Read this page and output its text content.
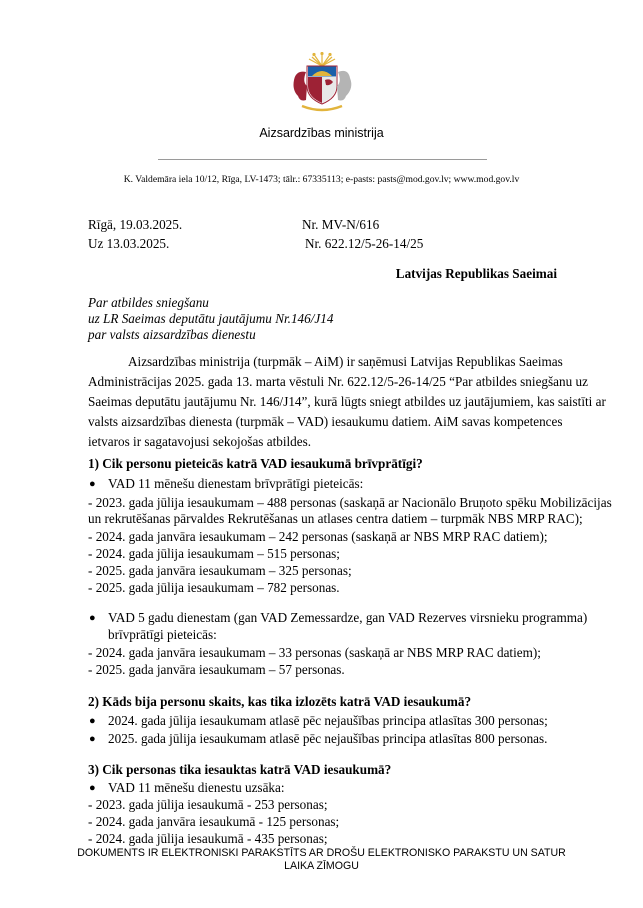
Aizsardzības ministrija
K. Valdemāra iela 10/12, Rīga, LV-1473; tālr.: 67335113; e-pasts: pasts@mod.gov.lv; www.mod.gov.lv
Rīgā, 19.03.2025.	Nr. MV-N/616
Uz 13.03.2025.	Nr. 622.12/5-26-14/25
Latvijas Republikas Saeimai
Par atbildes sniegšanu
uz LR Saeimas deputātu jautājumu Nr.146/J14
par valsts aizsardzības dienestu
Aizsardzības ministrija (turpmāk – AiM) ir saņēmusi Latvijas Republikas Saeimas
Administrācijas 2025. gada 13. marta vēstuli Nr. 622.12/5-26-14/25 “Par atbildes sniegšanu uz
Saeimas deputātu jautājumu Nr. 146/J14”, kurā lūgts sniegt atbildes uz jautājumiem, kas saistīti ar
valsts aizsardzības dienesta (turpmāk – VAD) iesaukumu datiem. AiM savas kompetences
ietvaros ir sagatavojusi sekojošas atbildes.
1) Cik personu pieteicās katrā VAD iesaukumā brīvprātīgi?
● VAD 11 mēnešu dienestam brīvprātīgi pieteicās:
- 2023. gada jūlija iesaukumam – 488 personas (saskaņā ar Nacionālo Bruņoto spēku Mobilizācijas
un rekrutēšanas pārvaldes Rekrutēšanas un atlases centra datiem – turpmāk NBS MRP RAC);
- 2024. gada janvāra iesaukumam – 242 personas (saskaņā ar NBS MRP RAC datiem);
- 2024. gada jūlija iesaukumam – 515 personas;
- 2025. gada janvāra iesaukumam – 325 personas;
- 2025. gada jūlija iesaukumam – 782 personas.
● VAD 5 gadu dienestam (gan VAD Zemessardze, gan VAD Rezerves virsnieku programma)
brīvprātīgi pieteicās:
- 2024. gada janvāra iesaukumam – 33 personas (saskaņā ar NBS MRP RAC datiem);
- 2025. gada janvāra iesaukumam – 57 personas.
2) Kāds bija personu skaits, kas tika izlozēts katrā VAD iesaukumā?
● 2024. gada jūlija iesaukumam atlasē pēc nejaušības principa atlasītas 300 personas;
● 2025. gada jūlija iesaukumam atlasē pēc nejaušības principa atlasītas 800 personas.
3) Cik personas tika iesauktas katrā VAD iesaukumā?
● VAD 11 mēnešu dienestu uzsāka:
- 2023. gada jūlija iesaukumā - 253 personas;
- 2024. gada janvāra iesaukumā - 125 personas;
- 2024. gada jūlija iesaukumā - 435 personas;
DOKUMENTS IR ELEKTRONISKI PARAKSTĪTS AR DROŠU ELEKTRONISKO PARAKSTU UN SATUR
LAIKA ZĪMOGU
